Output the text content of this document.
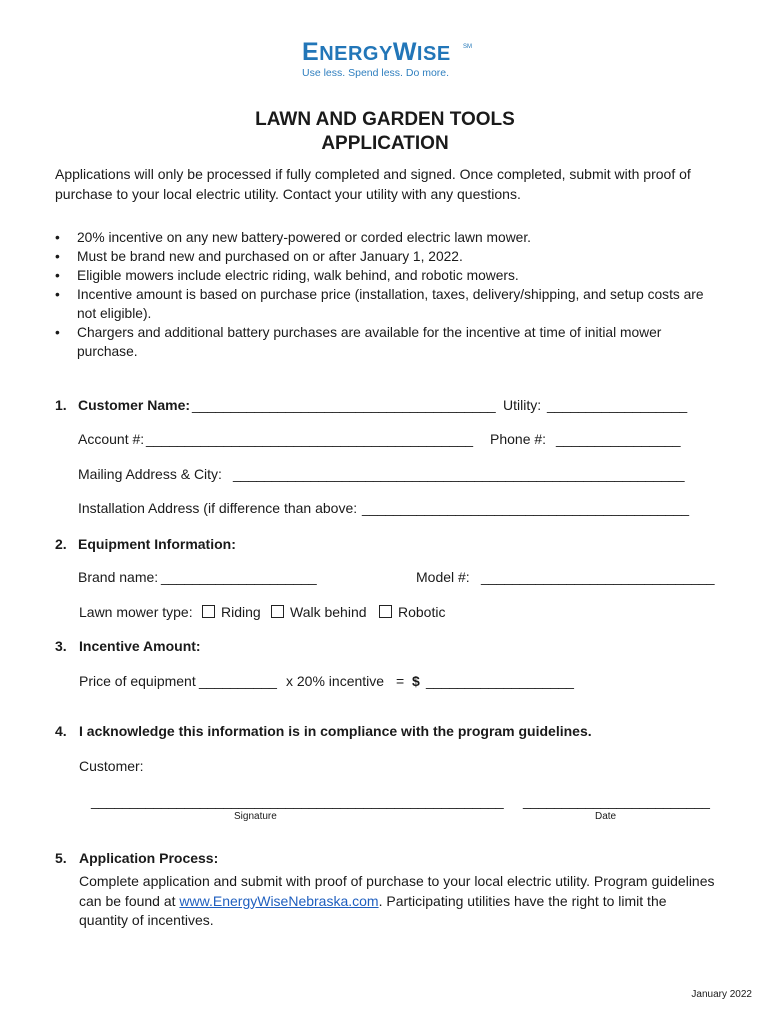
ENERGYWISE	SM
Use less. Spend less. Do more.
LAWN AND GARDEN TOOLS
APPLICATION
Applications will only be processed if fully completed and signed. Once completed, submit with proof of purchase to your local electric utility. Contact your utility with any questions.

• 20% incentive on any new battery-powered or corded electric lawn mower.

• Must be brand new and purchased on or after January 1, 2022.

• Eligible mowers include electric riding, walk behind, and robotic mowers.

• Incentive amount is based on purchase price (installation, taxes, delivery/shipping, and setup costs are not eligible).

• Chargers and additional battery purchases are available for the incentive at time of initial mower purchase.

1. Customer Name: _______________________________________ Utility: __________________
Account #: __________________________________________ Phone #: ________________
Mailing Address & City: __________________________________________________________
Installation Address (if difference than above: __________________________________________
2. Equipment Information:
Brand name: ____________________	Model #: ______________________________
Lawn mower type:	Riding	Walk behind	Robotic
3. Incentive Amount:
Price of equipment __________ x 20% incentive = $ ___________________
4. I acknowledge this information is in compliance with the program guidelines.
Customer:
_____________________________________________________ ________________________
Signature	Date
5. Application Process:
Complete application and submit with proof of purchase to your local electric utility. Program guidelines can be found at www.EnergyWiseNebraska.com. Participating utilities have the right to limit the quantity of incentives.
January 2022
